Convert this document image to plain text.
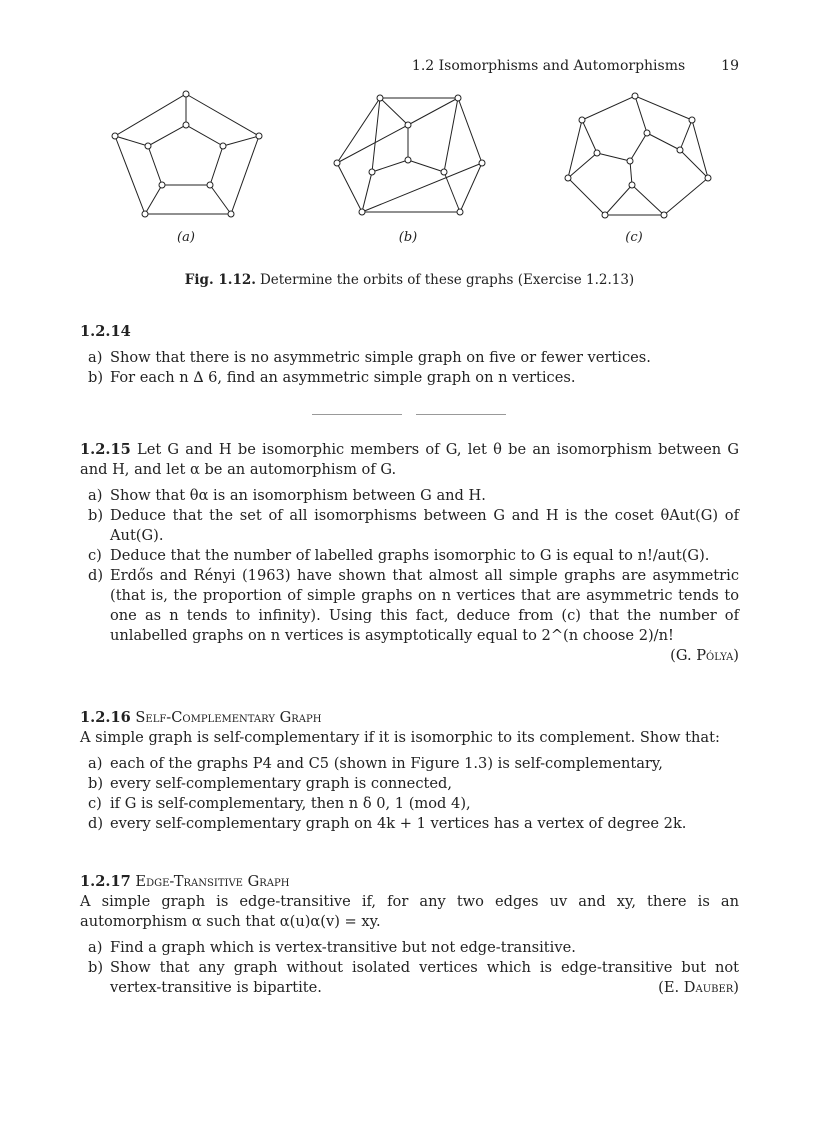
1.2 Isomorphisms and Automorphisms	19
(a)	(b)	(c)
Fig. 1.12. Determine the orbits of these graphs (Exercise 1.2.13)
1.2.14
a) Show that there is no asymmetric simple graph on five or fewer vertices.
b) For each n ∆ 6, find an asymmetric simple graph on n vertices.
1.2.15 Let G and H be isomorphic members of G, let θ be an isomorphism between G and H, and let α be an automorphism of G.
a) Show that θα is an isomorphism between G and H.
b) Deduce that the set of all isomorphisms between G and H is the coset θAut(G) of Aut(G).
c) Deduce that the number of labelled graphs isomorphic to G is equal to n!/aut(G).
d) Erdős and Rényi (1963) have shown that almost all simple graphs are asymmetric (that is, the proportion of simple graphs on n vertices that are asymmetric tends to one as n tends to infinity). Using this fact, deduce from (c) that the number of unlabelled graphs on n vertices is asymptotically equal to 2^(n choose 2)/n!
(G. Pólya)
1.2.16 Self-Complementary Graph
A simple graph is self-complementary if it is isomorphic to its complement. Show that:
a) each of the graphs P4 and C5 (shown in Figure 1.3) is self-complementary,
b) every self-complementary graph is connected,
c) if G is self-complementary, then n δ 0, 1 (mod 4),
d) every self-complementary graph on 4k + 1 vertices has a vertex of degree 2k.
1.2.17 Edge-Transitive Graph
A simple graph is edge-transitive if, for any two edges uv and xy, there is an automorphism α such that α(u)α(v) = xy.
a) Find a graph which is vertex-transitive but not edge-transitive.
b) Show that any graph without isolated vertices which is edge-transitive but not vertex-transitive is bipartite.	(E. Dauber)
